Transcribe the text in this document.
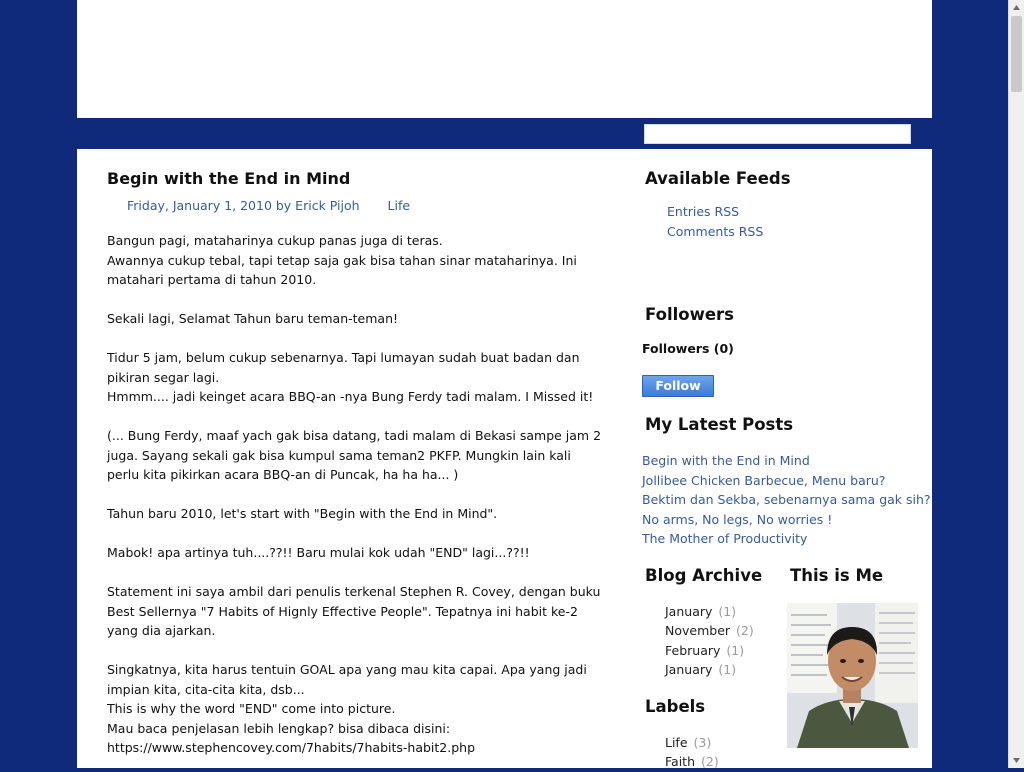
Begin with the End in Mind
Friday, January 1, 2010 by Erick Pijoh Life

Bangun pagi, mataharinya cukup panas juga di teras.
Awannya cukup tebal, tapi tetap saja gak bisa tahan sinar mataharinya. Ini matahari pertama di tahun 2010.

Sekali lagi, Selamat Tahun baru teman-teman!

Tidur 5 jam, belum cukup sebenarnya. Tapi lumayan sudah buat badan dan pikiran segar lagi.
Hmmm.... jadi keinget acara BBQ-an -nya Bung Ferdy tadi malam. I Missed it!

(... Bung Ferdy, maaf yach gak bisa datang, tadi malam di Bekasi sampe jam 2 juga. Sayang sekali gak bisa kumpul sama teman2 PKFP. Mungkin lain kali perlu kita pikirkan acara BBQ-an di Puncak, ha ha ha... )

Tahun baru 2010, let's start with "Begin with the End in Mind".

Mabok! apa artinya tuh....??!! Baru mulai kok udah "END" lagi...??!!

Statement ini saya ambil dari penulis terkenal Stephen R. Covey, dengan buku Best Sellernya "7 Habits of Hignly Effective People". Tepatnya ini habit ke-2 yang dia ajarkan.

Singkatnya, kita harus tentuin GOAL apa yang mau kita capai. Apa yang jadi impian kita, cita-cita kita, dsb...
This is why the word "END" come into picture.
Mau baca penjelasan lebih lengkap? bisa dibaca disini:
https://www.stephencovey.com/7habits/7habits-habit2.php

Available Feeds
Entries RSS
Comments RSS
Followers
Followers (0)
Follow
My Latest Posts
Begin with the End in Mind
Jollibee Chicken Barbecue, Menu baru?
Bektim dan Sekba, sebenarnya sama gak sih?
No arms, No legs, No worries !
The Mother of Productivity
Blog Archive
January (1)
November (2)
February (1)
January (1)
Labels
Life (3)
Faith (2)
This is Me
